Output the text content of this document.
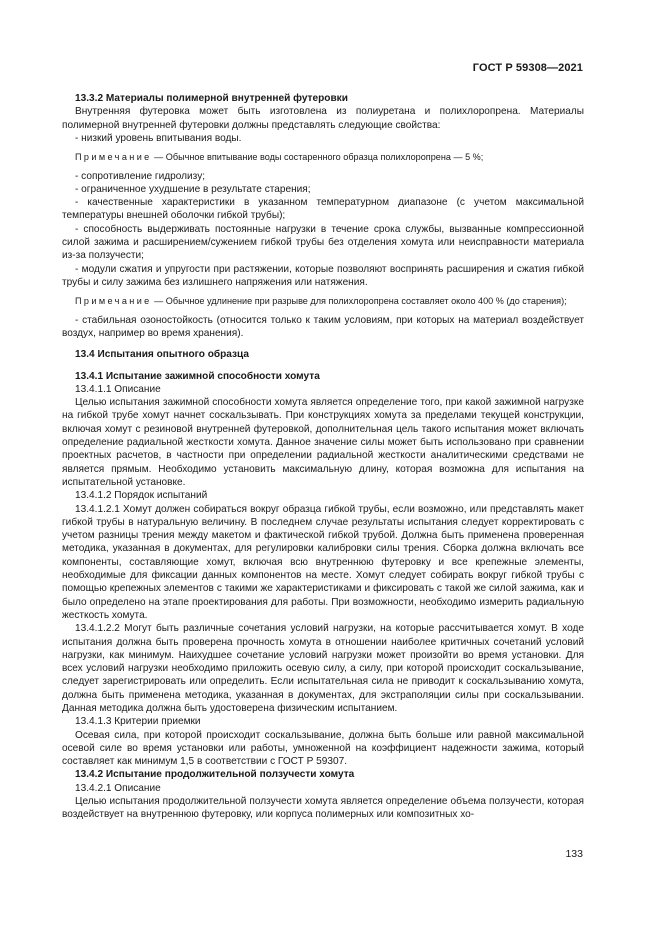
ГОСТ Р 59308—2021

13.3.2 Материалы полимерной внутренней футеровки

Внутренняя футеровка может быть изготовлена из полиуретана и полихлоропрена. Материалы полимерной внутренней футеровки должны представлять следующие свойства:

- низкий уровень впитывания воды.

Примечание — Обычное впитывание воды состаренного образца полихлоропрена — 5 %;

- сопротивление гидролизу;

- ограниченное ухудшение в результате старения;

- качественные характеристики в указанном температурном диапазоне (с учетом максимальной температуры внешней оболочки гибкой трубы);

- способность выдерживать постоянные нагрузки в течение срока службы, вызванные компрессионной силой зажима и расширением/сужением гибкой трубы без отделения хомута или неисправности материала из-за ползучести;

- модули сжатия и упругости при растяжении, которые позволяют воспринять расширения и сжатия гибкой трубы и силу зажима без излишнего напряжения или натяжения.

Примечание — Обычное удлинение при разрыве для полихлоропрена составляет около 400 % (до старения);

- стабильная озоностойкость (относится только к таким условиям, при которых на материал воздействует воздух, например во время хранения).

13.4 Испытания опытного образца

13.4.1 Испытание зажимной способности хомута

13.4.1.1 Описание

Целью испытания зажимной способности хомута является определение того, при какой зажимной нагрузке на гибкой трубе хомут начнет соскальзывать. При конструкциях хомута за пределами текущей конструкции, включая хомут с резиновой внутренней футеровкой, дополнительная цель такого испытания может включать определение радиальной жесткости хомута. Данное значение силы может быть использовано при сравнении проектных расчетов, в частности при определении радиальной жесткости аналитическими средствами не является прямым. Необходимо установить максимальную длину, которая возможна для испытания на испытательной установке.

13.4.1.2 Порядок испытаний

13.4.1.2.1 Хомут должен собираться вокруг образца гибкой трубы, если возможно, или представлять макет гибкой трубы в натуральную величину. В последнем случае результаты испытания следует корректировать с учетом разницы трения между макетом и фактической гибкой трубой. Должна быть применена проверенная методика, указанная в документах, для регулировки калибровки силы трения. Cборка должна включать все компоненты, составляющие хомут, включая всю внутреннюю футеровку и все крепежные элементы, необходимые для фиксации данных компонентов на месте. Хомут следует собирать вокруг гибкой трубы с помощью крепежных элементов с такими же характеристиками и фиксировать с такой же силой зажима, как и было определено на этапе проектирования для работы. При возможности, необходимо измерить радиальную жесткость хомута.

13.4.1.2.2 Могут быть различные сочетания условий нагрузки, на которые рассчитывается хомут. В ходе испытания должна быть проверена прочность хомута в отношении наиболее критичных сочетаний условий нагрузки, как минимум. Наихудшее сочетание условий нагрузки может произойти во время установки. Для всех условий нагрузки необходимо приложить осевую силу, а силу, при которой происходит соскальзывание, следует зарегистрировать или определить. Если испытательная сила не приводит к соскальзыванию хомута, должна быть применена методика, указанная в документах, для экстраполяции силы при соскальзывании. Данная методика должна быть удостоверена физическим испытанием.

13.4.1.3 Критерии приемки

Осевая сила, при которой происходит соскальзывание, должна быть больше или равной максимальной осевой силе во время установки или работы, умноженной на коэффициент надежности зажима, который составляет как минимум 1,5 в соответствии с ГОСТ Р 59307.

13.4.2 Испытание продолжительной ползучести хомута

13.4.2.1 Описание

Целью испытания продолжительной ползучести хомута является определение объема ползучести, которая воздействует на внутреннюю футеровку, или корпуса полимерных или композитных хо-

133
